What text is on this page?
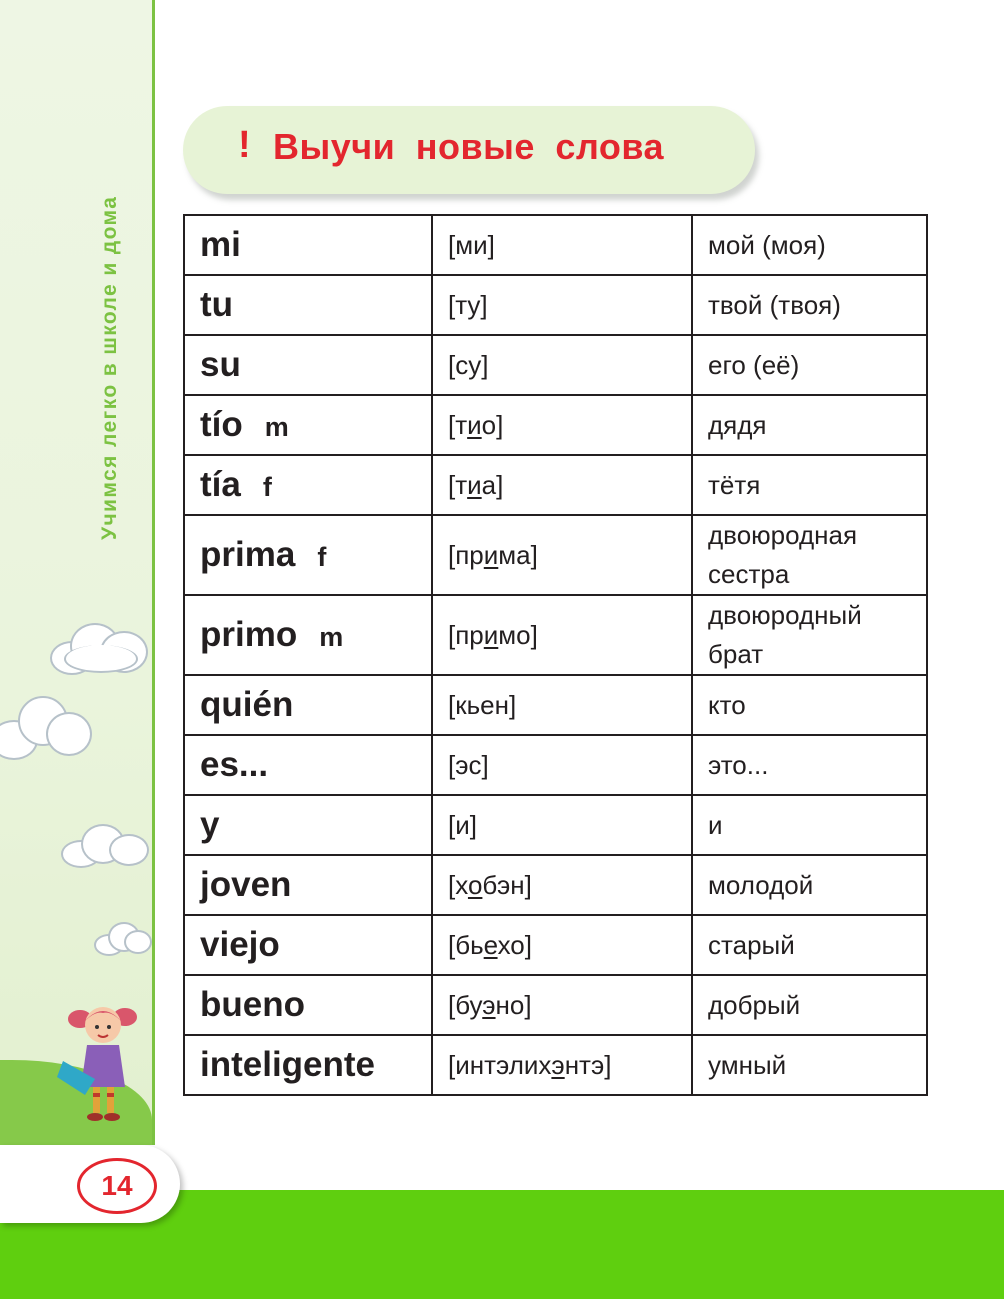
Учимся легко в школе и дома
14
! Выучи новые слова
mi	[ми]	мой (моя)
tu	[ту]	твой (твоя)
su	[су]	его (её)
tío m	[тио]	дядя
tía f	[тиа]	тётя
prima f	[прима]	двоюродная
сестра
primo m	[примо]	двоюродный
брат
quién	[кьен]	кто
es...	[эс]	это...
y	[и]	и
joven	[хобэн]	молодой
viejo	[бьехо]	старый
bueno	[буэно]	добрый
inteligente	[интэлихэнтэ]	умный
